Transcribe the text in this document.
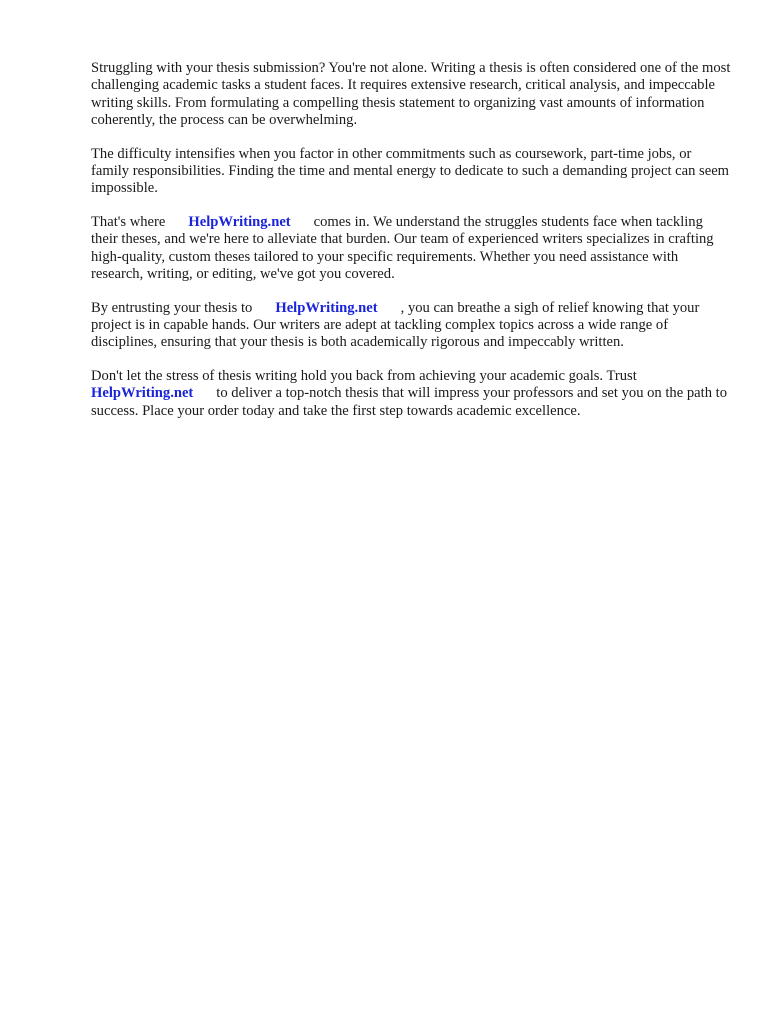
Struggling with your thesis submission? You're not alone. Writing a thesis is often considered one of the most challenging academic tasks a student faces. It requires extensive research, critical analysis, and impeccable writing skills. From formulating a compelling thesis statement to organizing vast amounts of information coherently, the process can be overwhelming.

The difficulty intensifies when you factor in other commitments such as coursework, part-time jobs, or family responsibilities. Finding the time and mental energy to dedicate to such a demanding project can seem impossible.

That's where HelpWriting.net comes in. We understand the struggles students face when tackling their theses, and we're here to alleviate that burden. Our team of experienced writers specializes in crafting high-quality, custom theses tailored to your specific requirements. Whether you need assistance with research, writing, or editing, we've got you covered.

By entrusting your thesis to HelpWriting.net , you can breathe a sigh of relief knowing that your project is in capable hands. Our writers are adept at tackling complex topics across a wide range of disciplines, ensuring that your thesis is both academically rigorous and impeccably written.

Don't let the stress of thesis writing hold you back from achieving your academic goals. Trust HelpWriting.net to deliver a top-notch thesis that will impress your professors and set you on the path to success. Place your order today and take the first step towards academic excellence.
